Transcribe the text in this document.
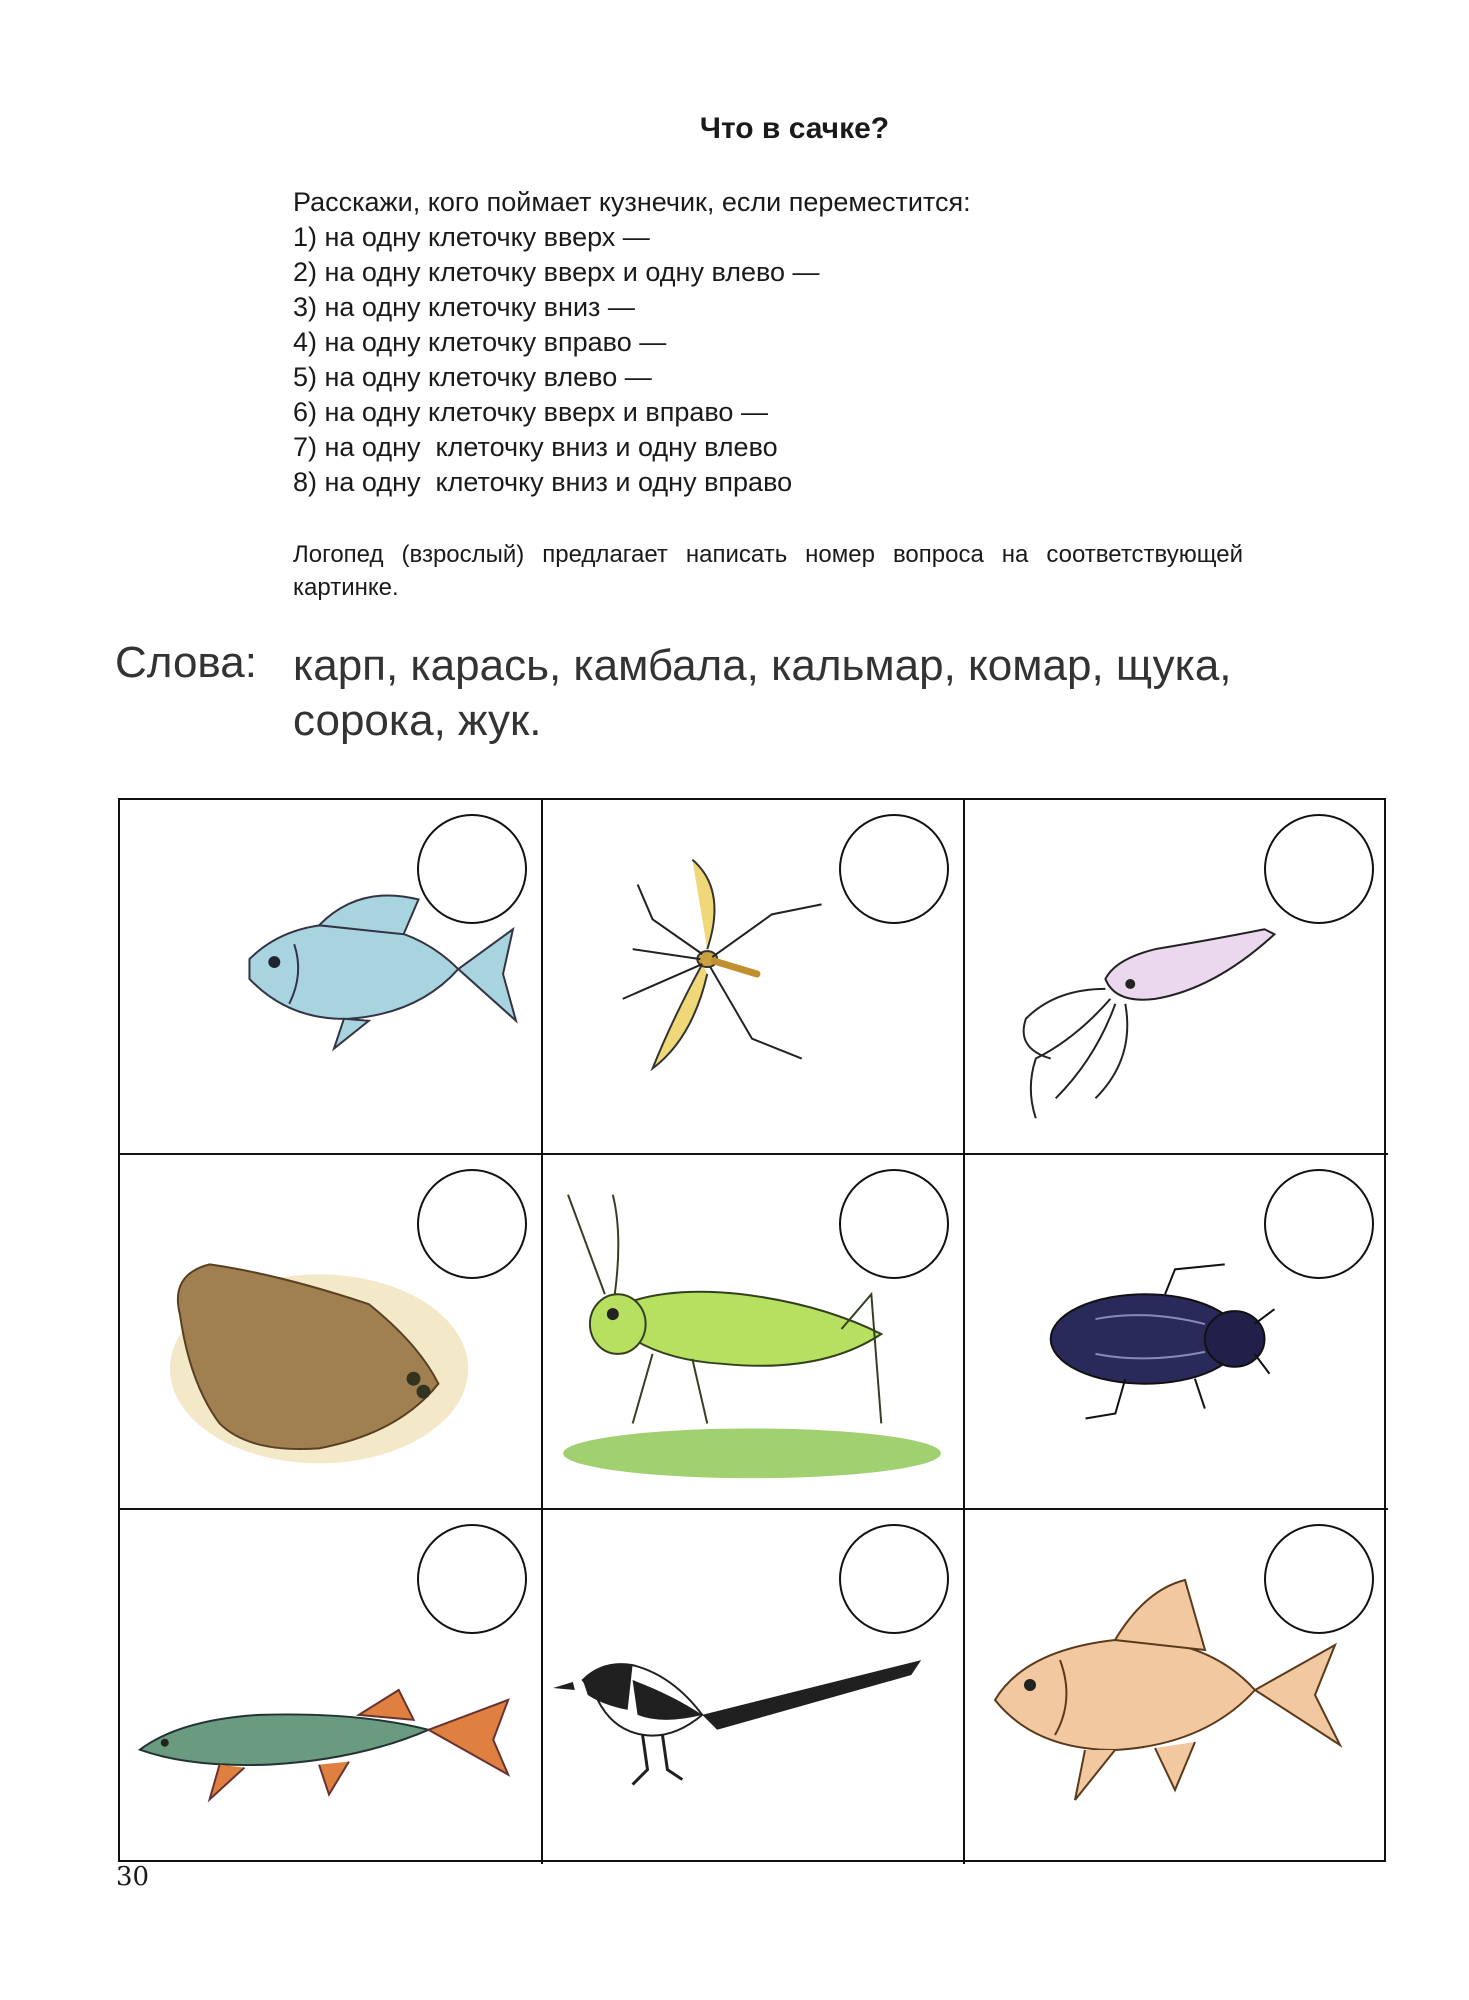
Что в сачке?
Расскажи, кого поймает кузнечик, если переместится:
1) на одну клеточку вверх —
2) на одну клеточку вверх и одну влево —
3) на одну клеточку вниз —
4) на одну клеточку вправо —
5) на одну клеточку влево —
6) на одну клеточку вверх и вправо —
7) на одну  клеточку вниз и одну влево
8) на одну  клеточку вниз и одну вправо
Логопед (взрослый) предлагает написать номер вопроса на соответствующей картинке.
Слова: карп, карась, камбала, кальмар, комар, щука, сорока, жук.
30
